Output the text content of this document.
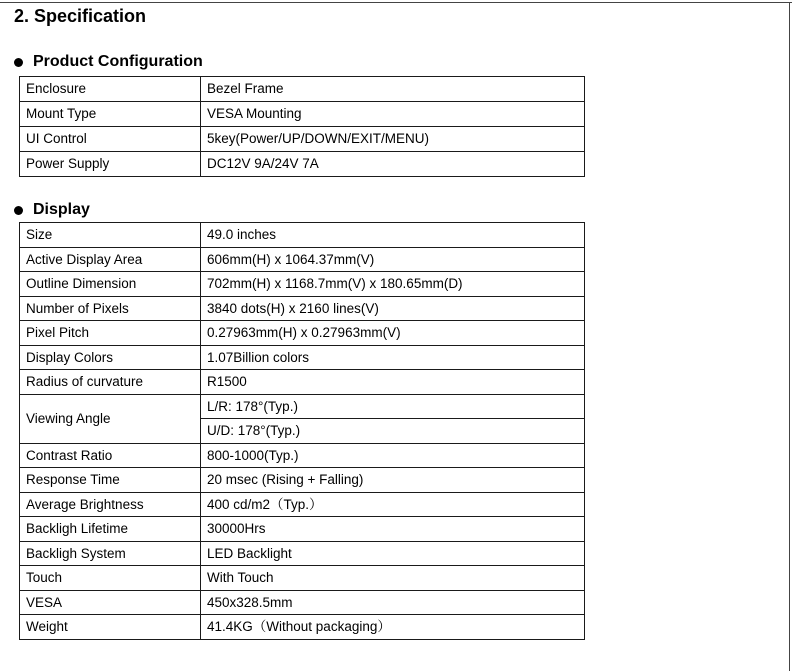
2. Specification
Product Configuration
Enclosure	Bezel Frame
Mount Type	VESA Mounting
UI Control	5key(Power/UP/DOWN/EXIT/MENU)
Power Supply	DC12V 9A/24V 7A
Display
Size	49.0 inches
Active Display Area	606mm(H) x 1064.37mm(V)
Outline Dimension	702mm(H) x 1168.7mm(V) x 180.65mm(D)
Number of Pixels	3840 dots(H) x 2160 lines(V)
Pixel Pitch	0.27963mm(H) x 0.27963mm(V)
Display Colors	1.07Billion colors
Radius of curvature	R1500
Viewing Angle	L/R: 178°(Typ.)
	U/D: 178°(Typ.)
Contrast Ratio	800-1000(Typ.)
Response Time	20 msec (Rising + Falling)
Average Brightness	400 cd/m2（Typ.）
Backligh Lifetime	30000Hrs
Backligh System	LED Backlight
Touch	With Touch
VESA	450x328.5mm
Weight	41.4KG（Without packaging）
